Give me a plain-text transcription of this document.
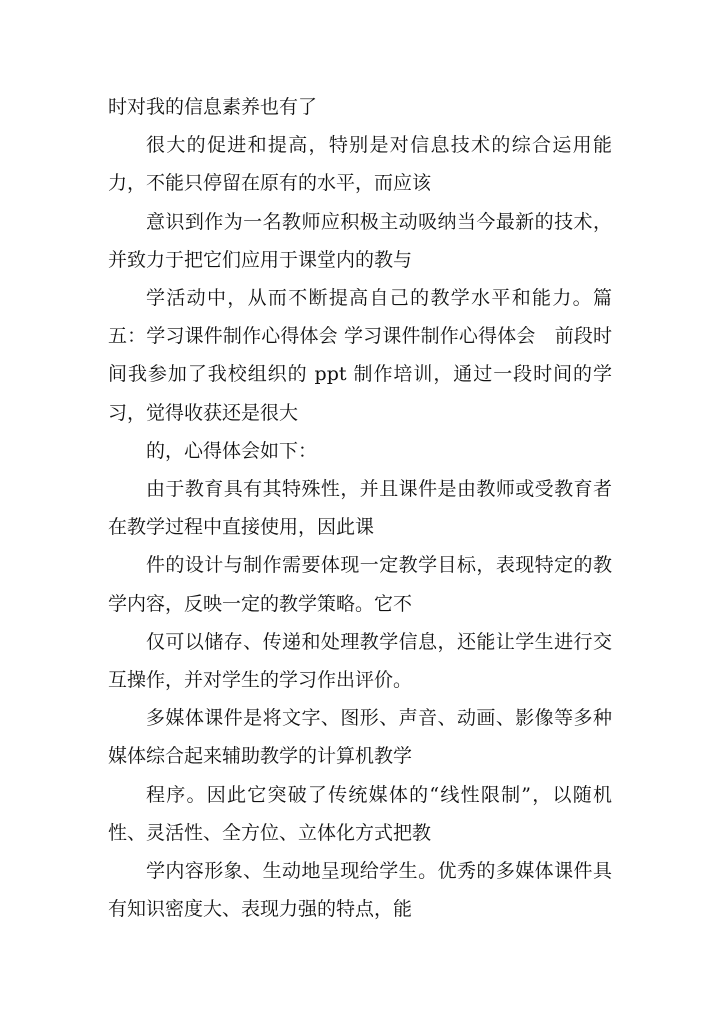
时对我的信息素养也有了

很大的促进和提高，特别是对信息技术的综合运用能力，不能只停留在原有的水平，而应该

意识到作为一名教师应积极主动吸纳当今最新的技术，并致力于把它们应用于课堂内的教与

学活动中，从而不断提高自己的教学水平和能力。篇五：学习课件制作心得体会 学习课件制作心得体会　前段时间我参加了我校组织的 ppt 制作培训，通过一段时间的学习，觉得收获还是很大

的，心得体会如下：

由于教育具有其特殊性，并且课件是由教师或受教育者在教学过程中直接使用，因此课

件的设计与制作需要体现一定教学目标，表现特定的教学内容，反映一定的教学策略。它不

仅可以储存、传递和处理教学信息，还能让学生进行交互操作，并对学生的学习作出评价。

多媒体课件是将文字、图形、声音、动画、影像等多种媒体综合起来辅助教学的计算机教学

程序。因此它突破了传统媒体的“线性限制”，以随机性、灵活性、全方位、立体化方式把教

学内容形象、生动地呈现给学生。优秀的多媒体课件具有知识密度大、表现力强的特点，能
